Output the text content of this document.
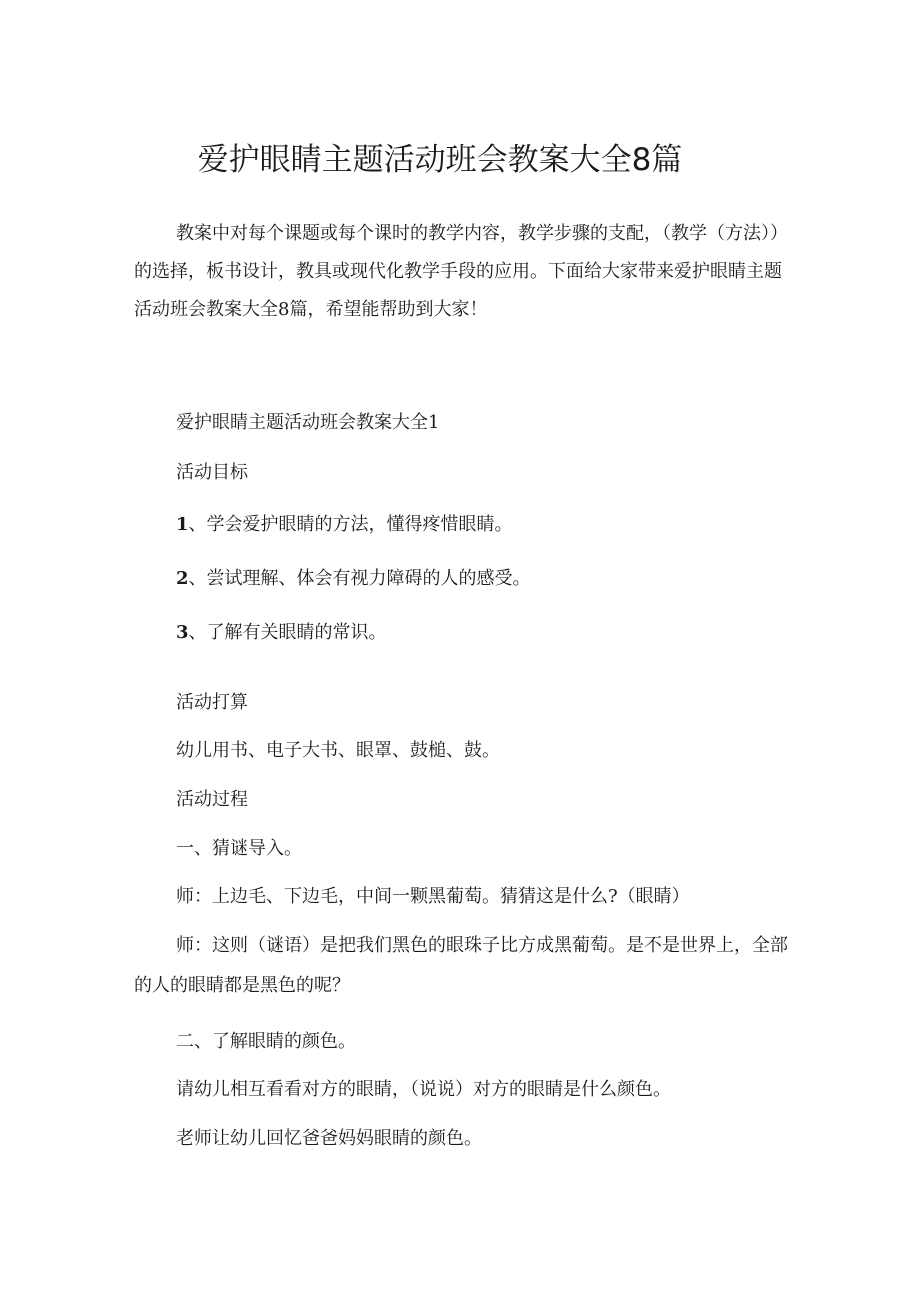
爱护眼睛主题活动班会教案大全8篇

教案中对每个课题或每个课时的教学内容，教学步骤的支配，（教学（方法））的选择，板书设计，教具或现代化教学手段的应用。下面给大家带来爱护眼睛主题活动班会教案大全8篇，希望能帮助到大家！

爱护眼睛主题活动班会教案大全1

活动目标

1、学会爱护眼睛的方法，懂得疼惜眼睛。

2、尝试理解、体会有视力障碍的人的感受。

3、了解有关眼睛的常识。

活动打算

幼儿用书、电子大书、眼罩、鼓槌、鼓。

活动过程

一、猜谜导入。

师：上边毛、下边毛，中间一颗黑葡萄。猜猜这是什么?（眼睛）

师：这则（谜语）是把我们黑色的眼珠子比方成黑葡萄。是不是世界上，全部的人的眼睛都是黑色的呢？

二、了解眼睛的颜色。

请幼儿相互看看对方的眼睛，（说说）对方的眼睛是什么颜色。

老师让幼儿回忆爸爸妈妈眼睛的颜色。
